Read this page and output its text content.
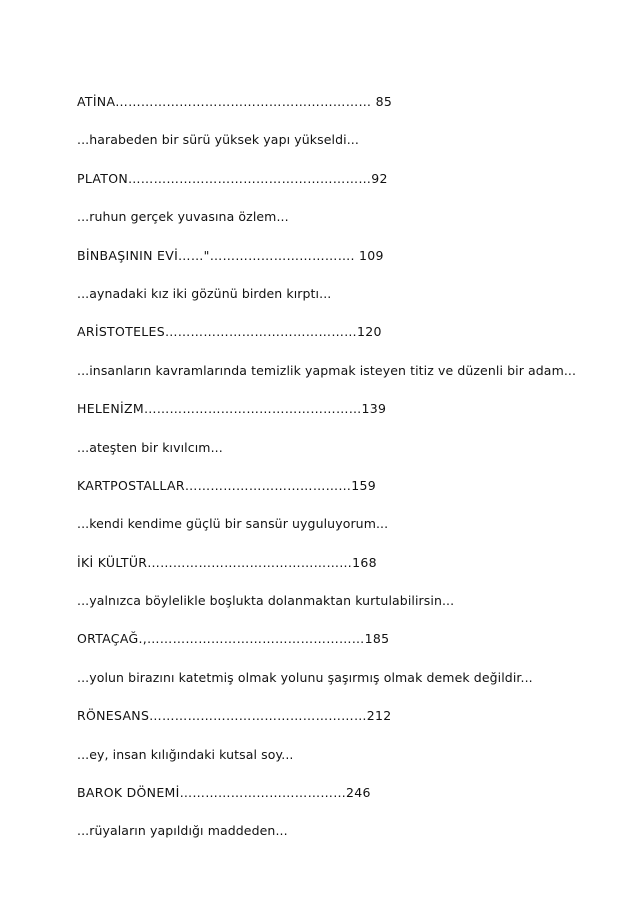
ATİNA…………………………………………………… 85
...harabeden bir sürü yüksek yapı yükseldi...
PLATON…………………………………………………92
...ruhun gerçek yuvasına özlem...
BİNBAŞININ EVİ……"……………………………. 109
...aynadaki kız iki gözünü birden kırptı...
ARİSTOTELES………………………………………120
...insanların kavramlarında temizlik yapmak isteyen titiz ve düzenli bir adam...
HELENİZM……………………………………………139
...ateşten bir kıvılcım...
KARTPOSTALLAR…………………………………159
...kendi kendime güçlü bir sansür uyguluyorum...
İKİ KÜLTÜR…………………………………………168
...yalnızca böylelikle boşlukta dolanmaktan kurtulabilirsin...
ORTAÇAĞ.,……………………………………………185
...yolun birazını katetmiş olmak yolunu şaşırmış olmak demek değildir...
RÖNESANS……………………………………………212
...ey, insan kılığındaki kutsal soy...
BAROK DÖNEMİ…………………………………246
...rüyaların yapıldığı maddeden...
